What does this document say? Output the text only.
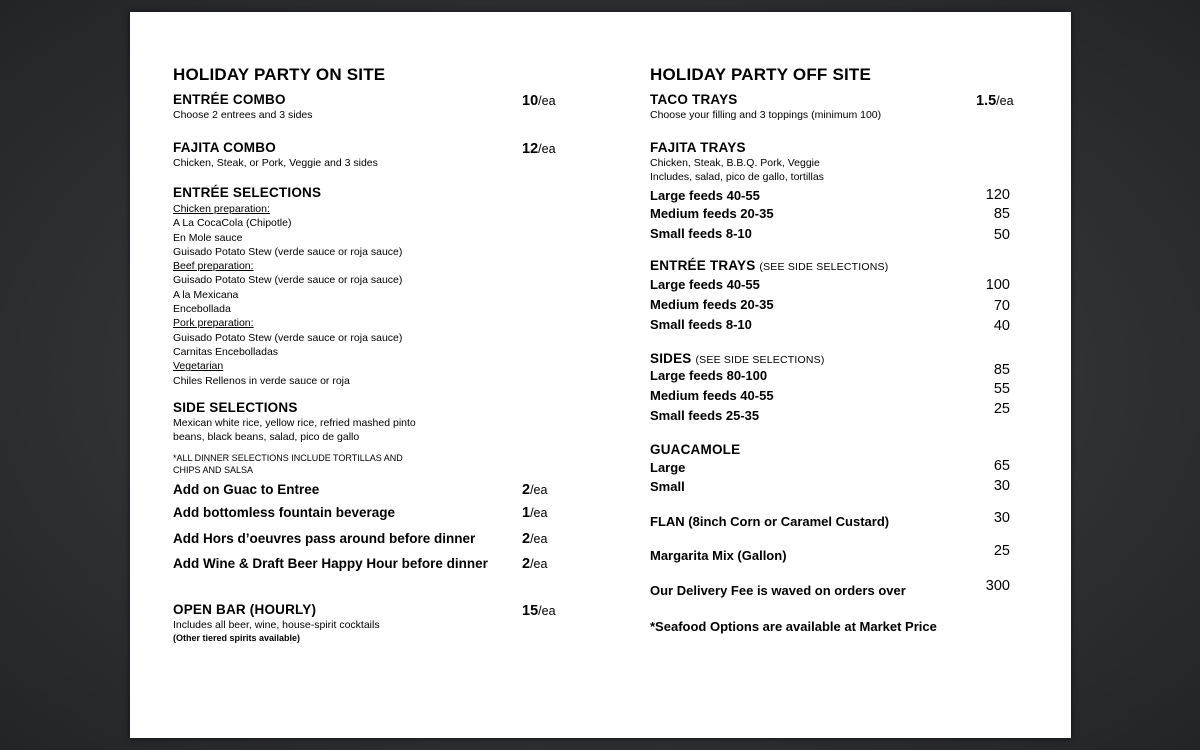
HOLIDAY PARTY ON SITE
ENTRÉE COMBO
Choose 2 entrees and 3 sides
10/ea
FAJITA COMBO
Chicken, Steak, or Pork, Veggie and 3 sides
12/ea
ENTRÉE SELECTIONS
Chicken preparation:
A La CocaCola (Chipotle)
En Mole sauce
Guisado Potato Stew (verde sauce or roja sauce)
Beef preparation:
Guisado Potato Stew (verde sauce or roja sauce)
A la Mexicana
Encebollada
Pork preparation:
Guisado Potato Stew (verde sauce or roja sauce)
Carnitas Encebolladas
Vegetarian
Chiles Rellenos in verde sauce or roja
SIDE SELECTIONS
Mexican white rice, yellow rice, refried mashed pinto
beans, black beans, salad, pico de gallo
*ALL DINNER SELECTIONS INCLUDE TORTILLAS AND
CHIPS AND SALSA
Add on Guac to Entree	2/ea
Add bottomless fountain beverage	1/ea
Add Hors d’oeuvres pass around before dinner	2/ea
Add Wine & Draft Beer Happy Hour before dinner 2/ea
OPEN BAR (HOURLY)
Includes all beer, wine, house-spirit cocktails
(Other tiered spirits available)
15/ea
HOLIDAY PARTY OFF SITE
TACO TRAYS
Choose your filling and 3 toppings (minimum 100)
1.5/ea
FAJITA TRAYS
Chicken, Steak, B.B.Q. Pork, Veggie
Includes, salad, pico de gallo, tortillas
Large feeds 40-55	120
Medium feeds 20-35	85
Small feeds 8-10	50
ENTRÉE TRAYS (SEE SIDE SELECTIONS)
Large feeds 40-55	100
Medium feeds 20-35	70
Small feeds 8-10	40
SIDES (SEE SIDE SELECTIONS)
Large feeds 80-100	85
Medium feeds 40-55	55
Small feeds 25-35	25
GUACAMOLE
Large	65
Small	30
FLAN (8inch Corn or Caramel Custard)	30
Margarita Mix (Gallon)	25
Our Delivery Fee is waved on orders over	300
*Seafood Options are available at Market Price
